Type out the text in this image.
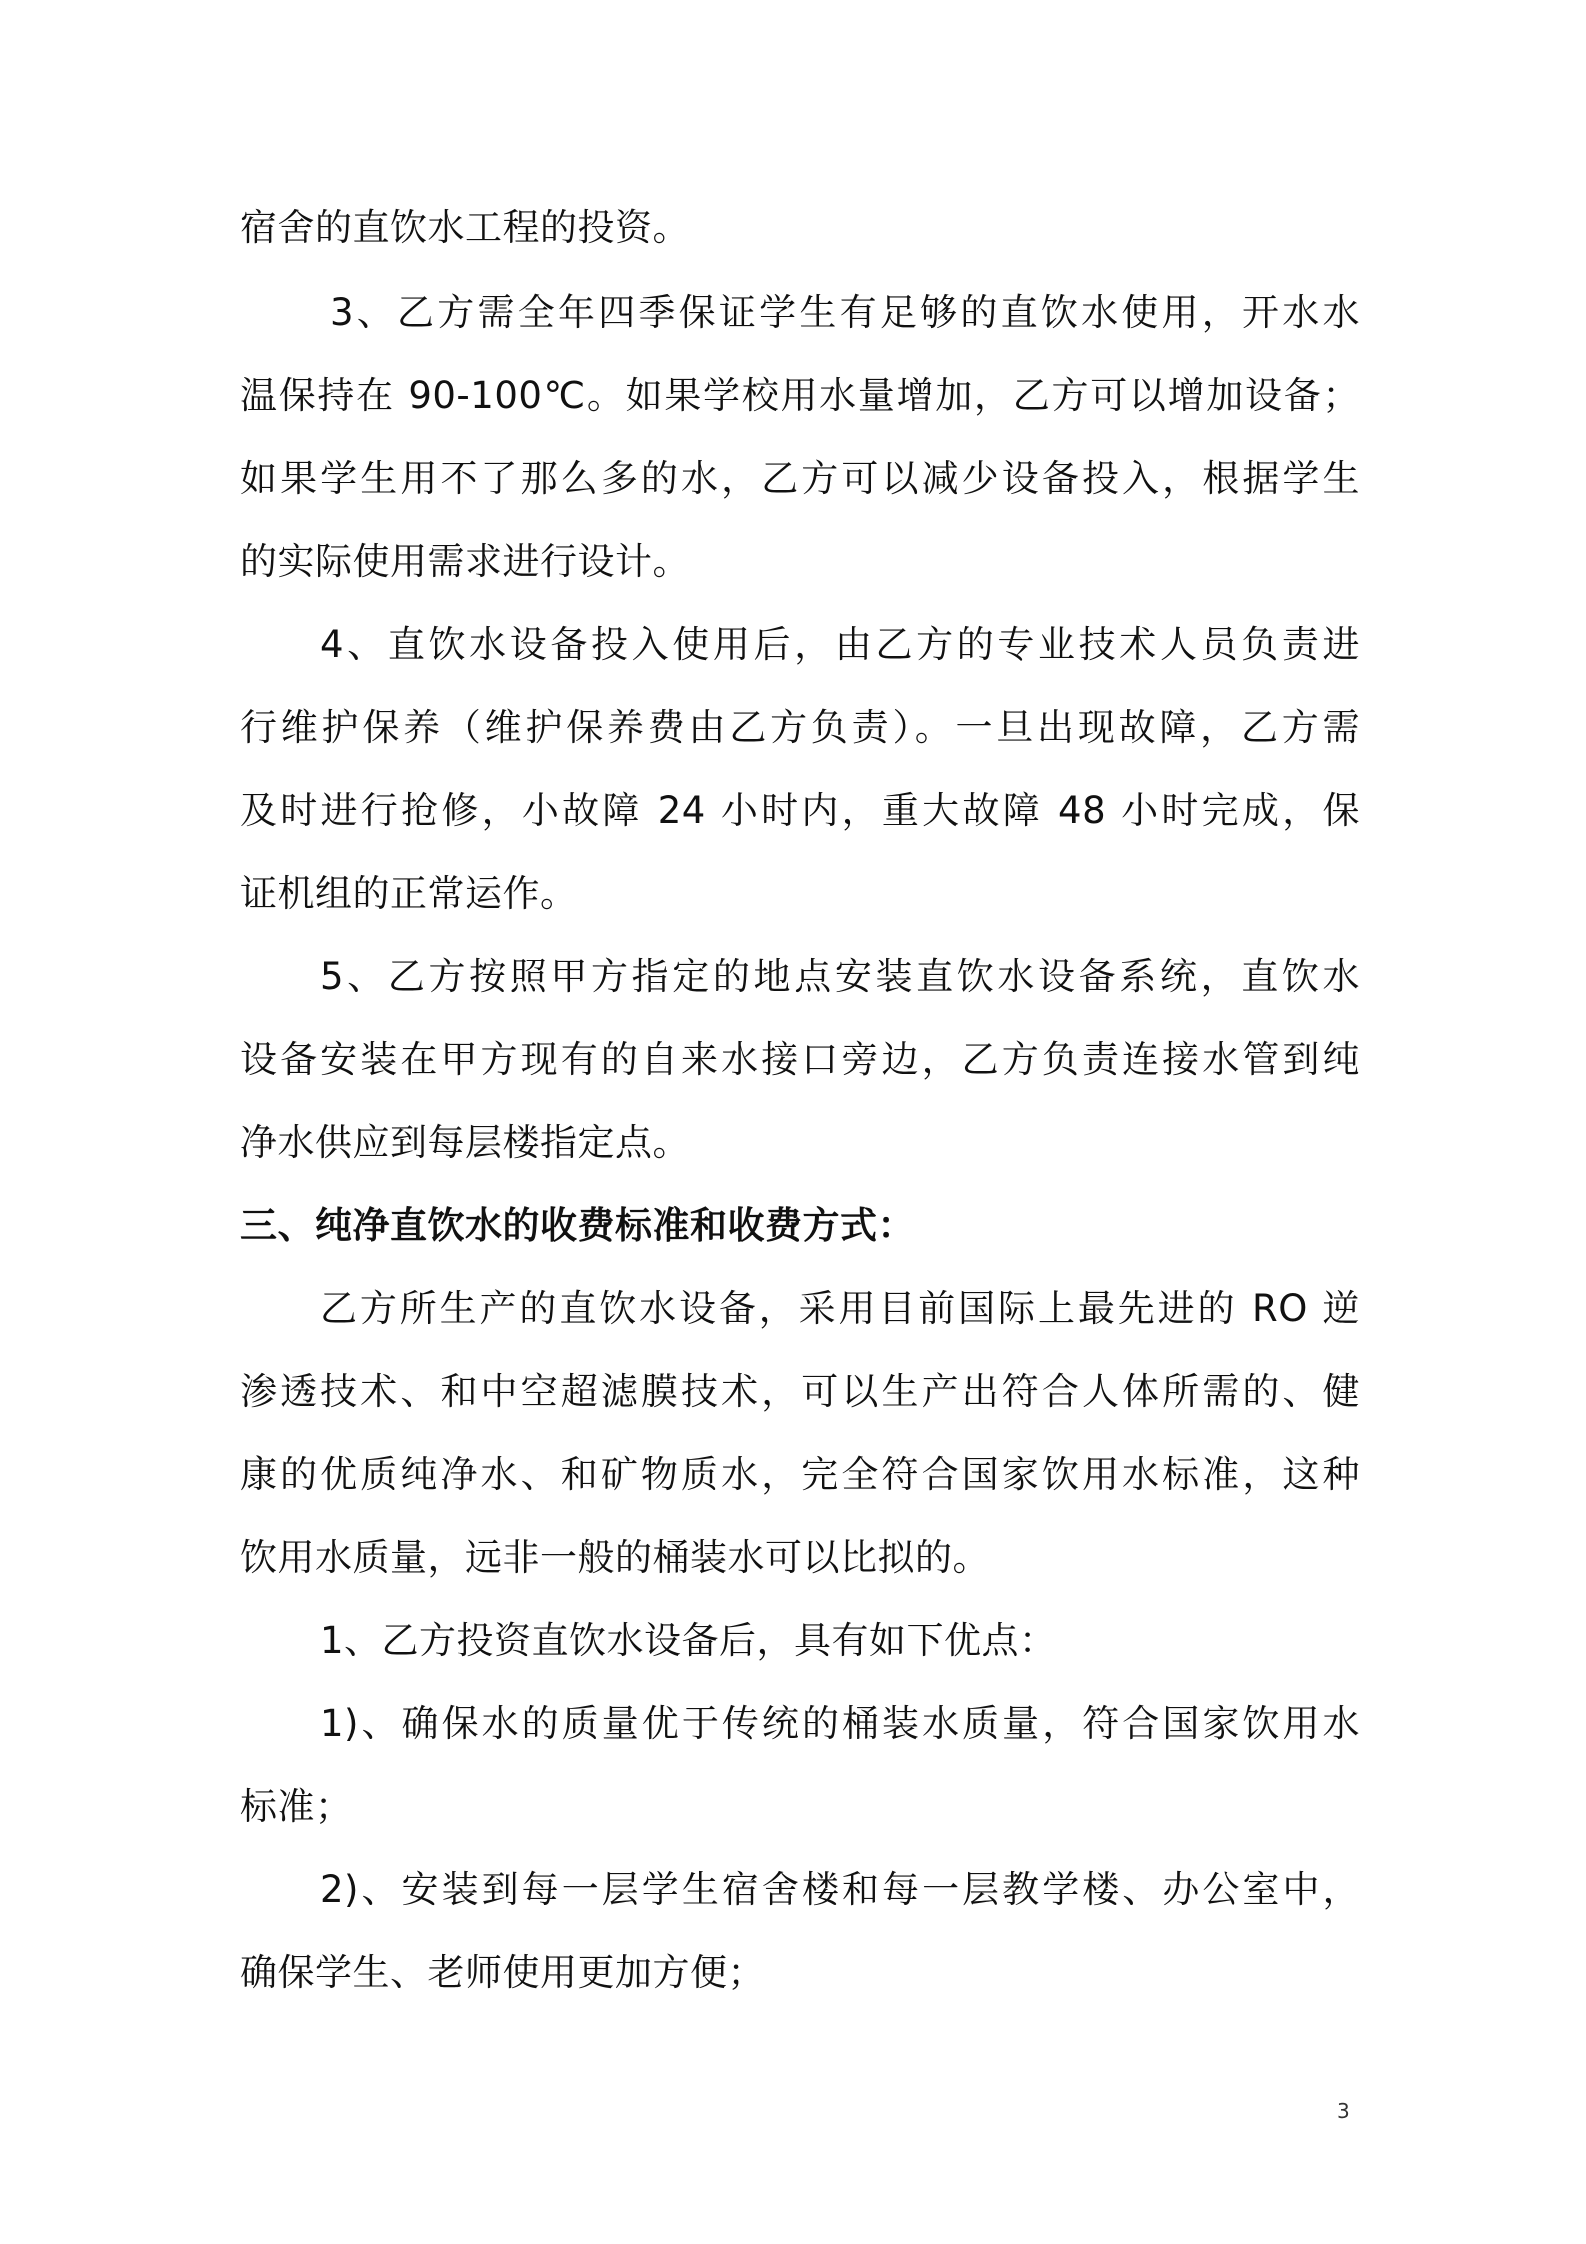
宿舍的直饮水工程的投资。
3、乙方需全年四季保证学生有足够的直饮水使用，开水水
温保持在 90-100℃。如果学校用水量增加，乙方可以增加设备；
如果学生用不了那么多的水，乙方可以减少设备投入，根据学生
的实际使用需求进行设计。
4、直饮水设备投入使用后，由乙方的专业技术人员负责进
行维护保养（维护保养费由乙方负责）。一旦出现故障，乙方需
及时进行抢修，小故障 24 小时内，重大故障 48 小时完成，保
证机组的正常运作。
5、乙方按照甲方指定的地点安装直饮水设备系统，直饮水
设备安装在甲方现有的自来水接口旁边，乙方负责连接水管到纯
净水供应到每层楼指定点。
三、纯净直饮水的收费标准和收费方式：
乙方所生产的直饮水设备，采用目前国际上最先进的 RO 逆
渗透技术、和中空超滤膜技术，可以生产出符合人体所需的、健
康的优质纯净水、和矿物质水，完全符合国家饮用水标准，这种
饮用水质量，远非一般的桶装水可以比拟的。
1、乙方投资直饮水设备后，具有如下优点：
1)、确保水的质量优于传统的桶装水质量，符合国家饮用水
标准；
2)、安装到每一层学生宿舍楼和每一层教学楼、办公室中，
确保学生、老师使用更加方便；
3
